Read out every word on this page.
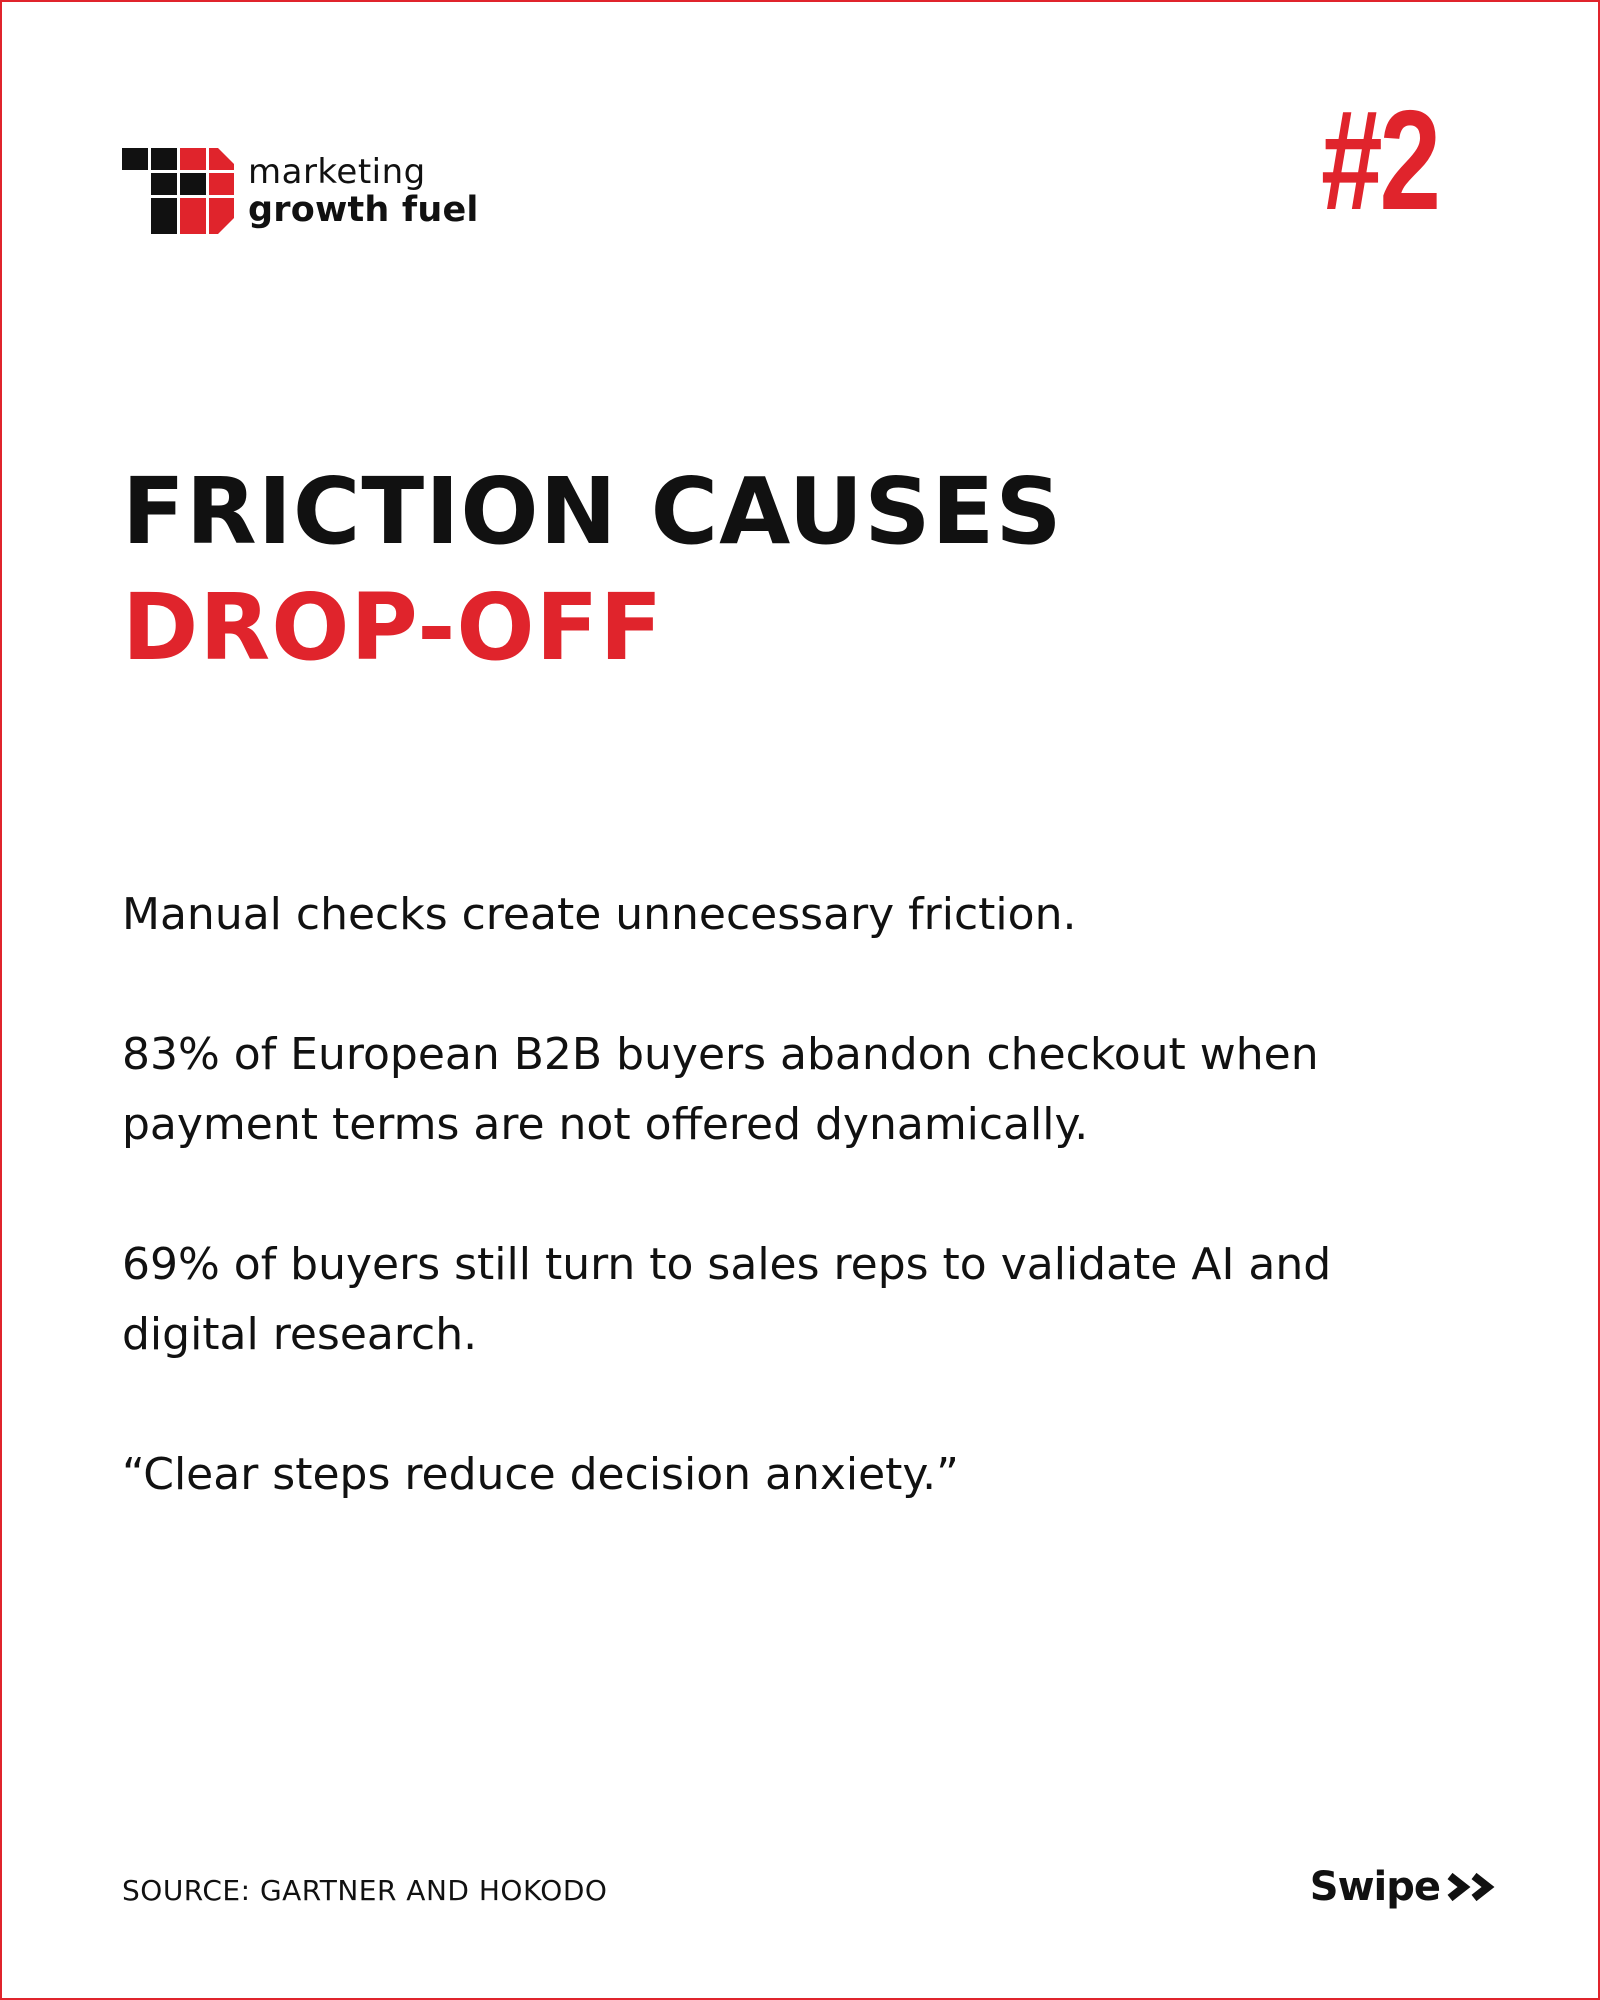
marketing
growth fuel	#2
FRICTION CAUSES
DROP-OFF

Manual checks create unnecessary friction.

83% of European B2B buyers abandon checkout when payment terms are not offered dynamically.

69% of buyers still turn to sales reps to validate AI and digital research.

“Clear steps reduce decision anxiety.”

SOURCE: GARTNER AND HOKODO	Swipe
